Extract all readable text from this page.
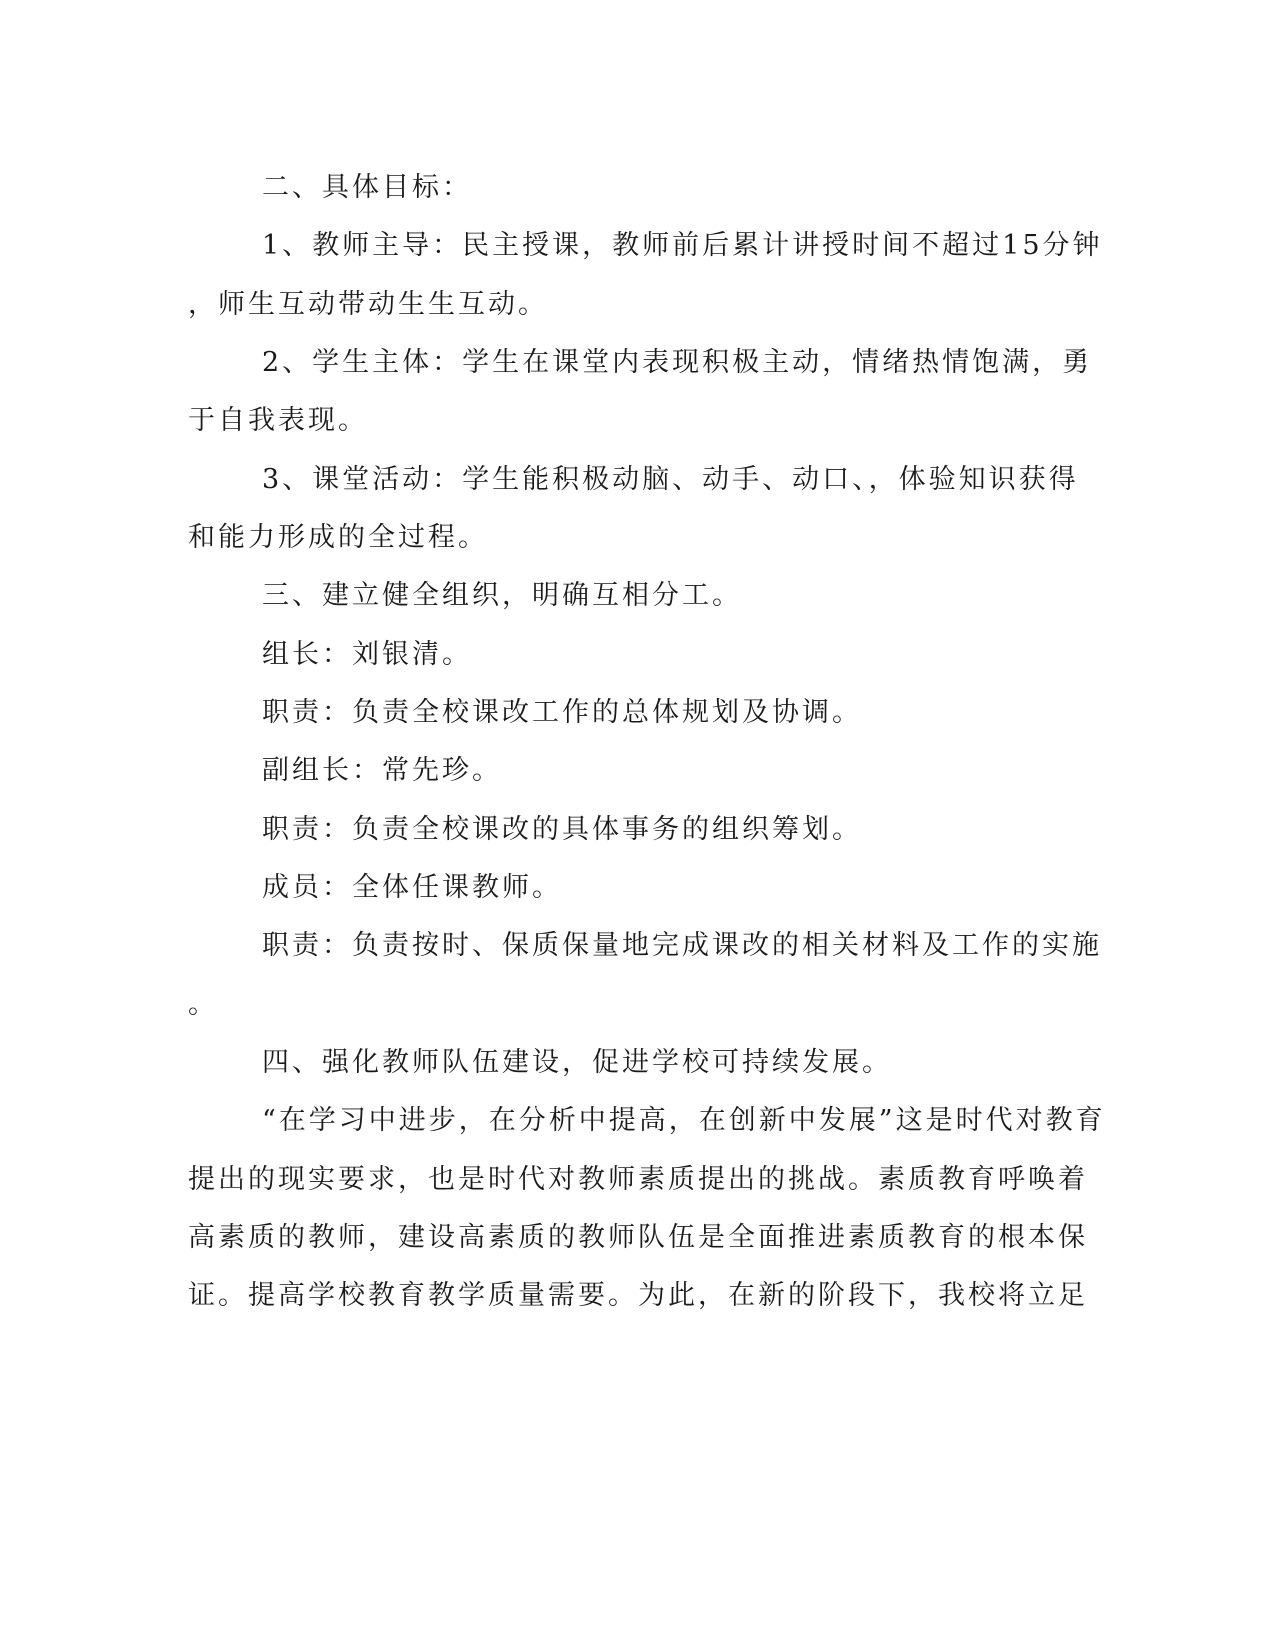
二、具体目标：
1、教师主导：民主授课，教师前后累计讲授时间不超过15分钟
，师生互动带动生生互动。
2、学生主体：学生在课堂内表现积极主动，情绪热情饱满，勇
于自我表现。
3、课堂活动：学生能积极动脑、动手、动口、，体验知识获得
和能力形成的全过程。
三、建立健全组织，明确互相分工。
组长：刘银清。
职责：负责全校课改工作的总体规划及协调。
副组长：常先珍。
职责：负责全校课改的具体事务的组织筹划。
成员：全体任课教师。
职责：负责按时、保质保量地完成课改的相关材料及工作的实施
。
四、强化教师队伍建设，促进学校可持续发展。
“在学习中进步，在分析中提高，在创新中发展”这是时代对教育
提出的现实要求，也是时代对教师素质提出的挑战。素质教育呼唤着
高素质的教师，建设高素质的教师队伍是全面推进素质教育的根本保
证。提高学校教育教学质量需要。为此，在新的阶段下，我校将立足
